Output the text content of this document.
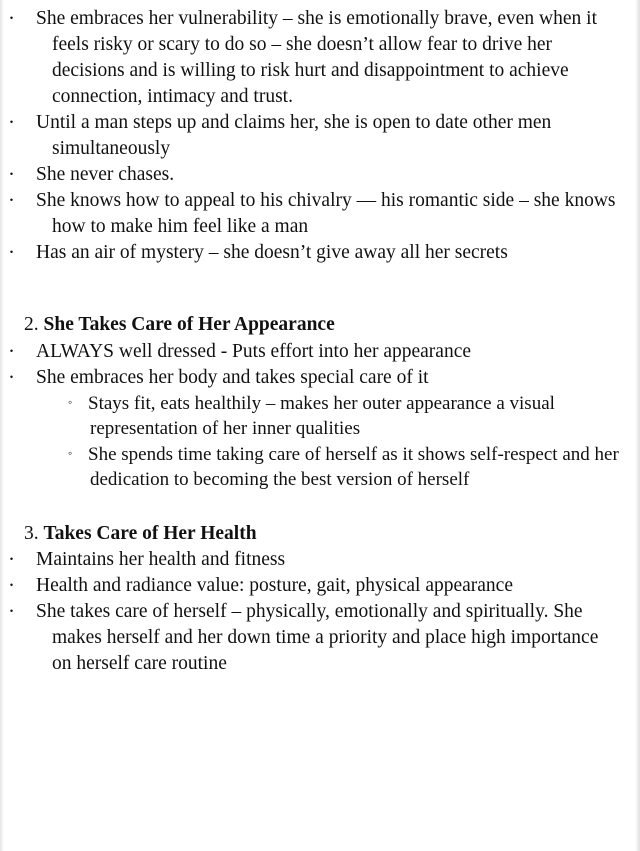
· She embraces her vulnerability – she is emotionally brave, even when it feels risky or scary to do so – she doesn’t allow fear to drive her decisions and is willing to risk hurt and disappointment to achieve connection, intimacy and trust.
· Until a man steps up and claims her, she is open to date other men simultaneously
· She never chases.
· She knows how to appeal to his chivalry — his romantic side – she knows how to make him feel like a man
· Has an air of mystery – she doesn’t give away all her secrets
2. She Takes Care of Her Appearance
· ALWAYS well dressed - Puts effort into her appearance
· She embraces her body and takes special care of it
◦ Stays fit, eats healthily – makes her outer appearance a visual representation of her inner qualities
◦ She spends time taking care of herself as it shows self-respect and her dedication to becoming the best version of herself
3. Takes Care of Her Health
· Maintains her health and fitness
· Health and radiance value: posture, gait, physical appearance
· She takes care of herself – physically, emotionally and spiritually. She makes herself and her down time a priority and place high importance on herself care routine
